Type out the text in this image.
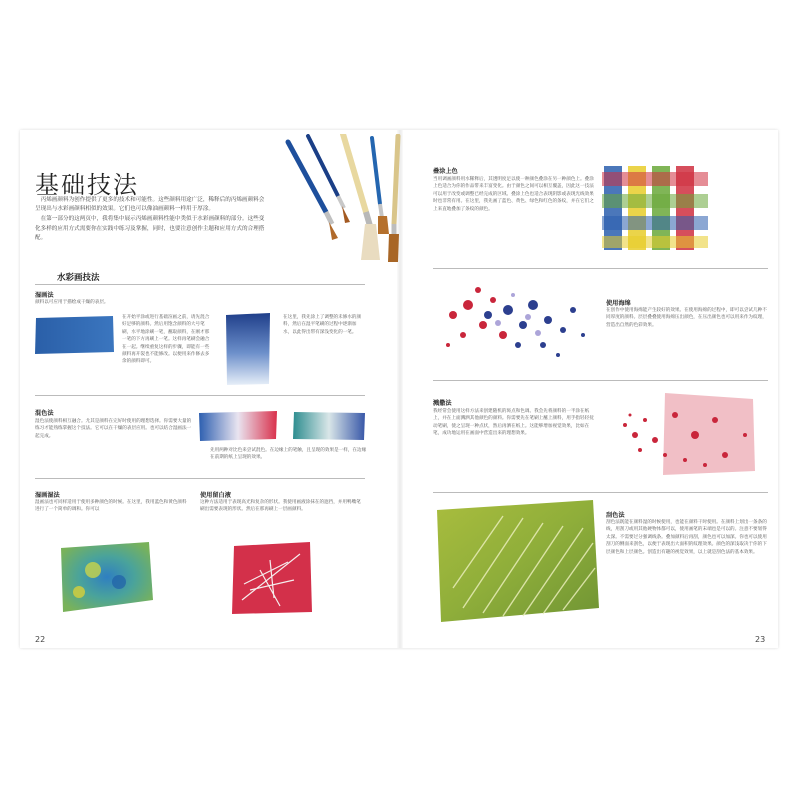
基础技法

丙烯画颜料为创作提供了更多的技术和可能性。这些颜料用途广泛，稀释后的丙烯画颜料会呈现出与水彩画颜料相似的效果。它们也可以像油画颜料一样用于厚涂。

在第一部分的这两页中，我将集中展示丙烯画颜料性能中类似于水彩画颜料的部分。这些变化多样的应用方式需要你在实践中练习及掌握，同时，也要注意创作主题和应用方式的合理搭配。

水彩画技法
湿画法
颜料以可应用于描绘成干燥的表层。
在开始平涂或进行基础渲画之前，请先混合好足够的颜料。然后用饱含颜料的大号笔刷，水平地涂刷一笔，蘸取颜料，在刚才那一笔的下方再刷上一笔。这样再笔刷会融合在一起。继续重复这样的步骤，即能有一些颜料再开裂也不能修改。以便用来作修去多余的颜料即可。
在这里，我先涂上了调整的未修水的颜料，然后在湿平笔刷的过程中逐渐加水，以此得出带有深浅变化的一笔。
混色法
湿色法使颜料相互融合。尤其是颜料在完好时使用的理想选择。你需要大量的练习才能熟练掌握这个技法。它可以在干燥的表层应用。也可以结合湿画法一起完成。
先用两种对比色来尝试混色。在边缘上的笔触，且呈现的效果是一样，在边缘在前期的纸上呈现的效果。
湿画湿法
湿画法也可同样适用于使用多种颜色的时候。在这里，我用蓝色和黄色颜料进行了一个简单的调和。你可以
使用留白液
这种方法适用于表现高光和复杂的形状。我使用画液涂抹在的遮挡，并用鸭嘴笔刷出需要表现的形状。然后在那再刷上一层画颜料。
22
叠涂上色
当用调画颜料用水稀释后，其透明度足以使一种颜色叠涂在另一种颜色上。叠涂上色适合为你的作品带来丰富变化。由于颜色之间可以相互覆盖，因此这一技法可以用于改变或调整已经完成的区域。叠涂上色也适合表现阴影或表现光线效果时也非常有用。在这里，我先画了蓝色、黄色、绿色和红色的条纹，并在它们之上来直地叠加了条纹的颜色。
使用海绵
在创作中使用海绵能产生较好的效果。在使用海绵的过程中，即可以尝试几种不同厚度的颜料。层层叠叠使用海绵压出颜色，在压出颜色也可以用来作为纹理，营造出自然的色彩效果。
溅撒法
我经常会使用这样方法来创建随机的斑点和色调。我会先将颜料的一半涂在纸上，并在上面溅洒其他颜色的颜料。你需要先在笔刷上蘸上颜料，用手指轻轻抚动笔刷，使之呈现一种点状，然后再洒在纸上。这能够增加视觉效果，比如在笔，成功地运用在画面中营造出来的理想效果。
刮色法
刮色法既能在颜料湿的时候使用，也能在颜料干时使用。在颜料上划出一条条的线，用刮刀或用其他硬物体都可以，使用画笔的末端也是可以的。注意不要划得太深。不需要过分强调线条。叠加颜料后再刮，颜色也可以加深。你也可以使用刮刀的侧面来刮色，以便于表现出大面积的纹理效果。颜色的深浅取决于你的下层颜色和上层颜色。创造出有趣的视觉效果，以上就是刮色法的基本效果。
23
